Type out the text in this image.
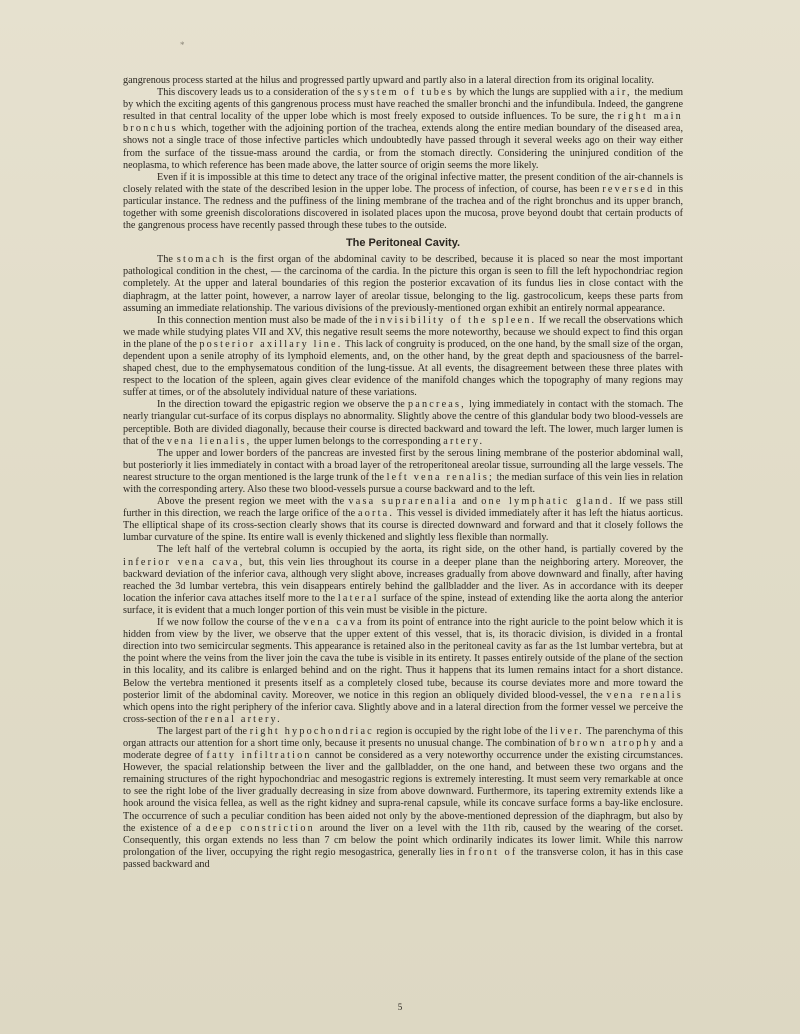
*

gangrenous process started at the hilus and progressed partly upward and partly also in a lateral direction from its original locality.

This discovery leads us to a consideration of the system of tubes by which the lungs are supplied with air, the medium by which the exciting agents of this gangrenous process must have reached the smaller bronchi and the infundibula. Indeed, the gangrene resulted in that central locality of the upper lobe which is most freely exposed to outside influences. To be sure, the right main bronchus which, together with the adjoining portion of the trachea, extends along the entire median boundary of the diseased area, shows not a single trace of those infective particles which undoubtedly have passed through it several weeks ago on their way either from the surface of the tissue-mass around the cardia, or from the stomach directly. Considering the uninjured condition of the neoplasma, to which reference has been made above, the latter source of origin seems the more likely.

Even if it is impossible at this time to detect any trace of the original infective matter, the present condition of the air-channels is closely related with the state of the described lesion in the upper lobe. The process of infection, of course, has been reversed in this particular instance. The redness and the puffiness of the lining membrane of the trachea and of the right bronchus and its upper branch, together with some greenish discolorations discovered in isolated places upon the mucosa, prove beyond doubt that certain products of the gangrenous process have recently passed through these tubes to the outside.

The Peritoneal Cavity.

The stomach is the first organ of the abdominal cavity to be described, because it is placed so near the most important pathological condition in the chest, — the carcinoma of the cardia. In the picture this organ is seen to fill the left hypochondriac region completely. At the upper and lateral boundaries of this region the posterior excavation of its fundus lies in close contact with the diaphragm, at the latter point, however, a narrow layer of areolar tissue, belonging to the lig. gastrocolicum, keeps these parts from assuming an immediate relationship. The various divisions of the previously-mentioned organ exhibit an entirely normal appearance.

In this connection mention must also be made of the invisibility of the spleen. If we recall the observations which we made while studying plates VII and XV, this negative result seems the more noteworthy, because we should expect to find this organ in the plane of the posterior axillary line. This lack of congruity is produced, on the one hand, by the small size of the organ, dependent upon a senile atrophy of its lymphoid elements, and, on the other hand, by the great depth and spaciousness of the barrel-shaped chest, due to the emphysematous condition of the lung-tissue. At all events, the disagreement between these three plates with respect to the location of the spleen, again gives clear evidence of the manifold changes which the topography of many regions may suffer at times, or of the absolutely individual nature of these variations.

In the direction toward the epigastric region we observe the pancreas, lying immediately in contact with the stomach. The nearly triangular cut-surface of its corpus displays no abnormality. Slightly above the centre of this glandular body two blood-vessels are perceptible. Both are divided diagonally, because their course is directed backward and toward the left. The lower, much larger lumen is that of the vena lienalis, the upper lumen belongs to the corresponding artery.

The upper and lower borders of the pancreas are invested first by the serous lining membrane of the posterior abdominal wall, but posteriorly it lies immediately in contact with a broad layer of the retroperitoneal areolar tissue, surrounding all the large vessels. The nearest structure to the organ mentioned is the large trunk of the left vena renalis; the median surface of this vein lies in relation with the corresponding artery. Also these two blood-vessels pursue a course backward and to the left.

Above the present region we meet with the vasa suprarenalia and one lymphatic gland. If we pass still further in this direction, we reach the large orifice of the aorta. This vessel is divided immediately after it has left the hiatus aorticus. The elliptical shape of its cross-section clearly shows that its course is directed downward and forward and that it closely follows the lumbar curvature of the spine. Its entire wall is evenly thickened and slightly less flexible than normally.

The left half of the vertebral column is occupied by the aorta, its right side, on the other hand, is partially covered by the inferior vena cava, but, this vein lies throughout its course in a deeper plane than the neighboring artery. Moreover, the backward deviation of the inferior cava, although very slight above, increases gradually from above downward and finally, after having reached the 3d lumbar vertebra, this vein disappears entirely behind the gallbladder and the liver. As in accordance with its deeper location the inferior cava attaches itself more to the lateral surface of the spine, instead of extending like the aorta along the anterior surface, it is evident that a much longer portion of this vein must be visible in the picture.

If we now follow the course of the vena cava from its point of entrance into the right auricle to the point below which it is hidden from view by the liver, we observe that the upper extent of this vessel, that is, its thoracic division, is divided in a frontal direction into two semicircular segments. This appearance is retained also in the peritoneal cavity as far as the 1st lumbar vertebra, but at the point where the veins from the liver join the cava the tube is visible in its entirety. It passes entirely outside of the plane of the section in this locality, and its calibre is enlarged behind and on the right. Thus it happens that its lumen remains intact for a short distance. Below the vertebra mentioned it presents itself as a completely closed tube, because its course deviates more and more toward the posterior limit of the abdominal cavity. Moreover, we notice in this region an obliquely divided blood-vessel, the vena renalis which opens into the right periphery of the inferior cava. Slightly above and in a lateral direction from the former vessel we perceive the cross-section of the renal artery.

The largest part of the right hypochondriac region is occupied by the right lobe of the liver. The parenchyma of this organ attracts our attention for a short time only, because it presents no unusual change. The combination of brown atrophy and a moderate degree of fatty infiltration cannot be considered as a very noteworthy occurrence under the existing circumstances. However, the spacial relationship between the liver and the gallbladder, on the one hand, and between these two organs and the remaining structures of the right hypochondriac and mesogastric regions is extremely interesting. It must seem very remarkable at once to see the right lobe of the liver gradually decreasing in size from above downward. Furthermore, its tapering extremity extends like a hook around the visica fellea, as well as the right kidney and supra-renal capsule, while its concave surface forms a bay-like enclosure. The occurrence of such a peculiar condition has been aided not only by the above-mentioned depression of the diaphragm, but also by the existence of a deep constriction around the liver on a level with the 11th rib, caused by the wearing of the corset. Consequently, this organ extends no less than 7 cm below the point which ordinarily indicates its lower limit. While this narrow prolongation of the liver, occupying the right regio mesogastrica, generally lies in front of the transverse colon, it has in this case passed backward and

5
